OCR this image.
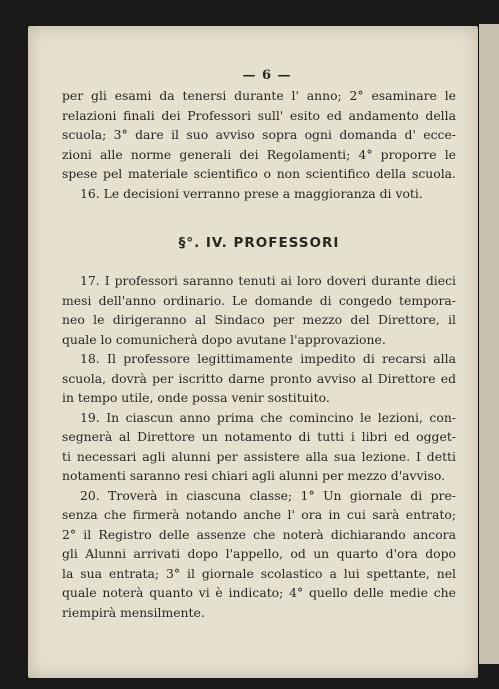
— 6 —
per gli esami da tenersi durante l' anno; 2° esaminare le
relazioni finali dei Professori sull' esito ed andamento della
scuola; 3° dare il suo avviso sopra ogni domanda d' ecce-
zioni alle norme generali dei Regolamenti; 4° proporre le
spese pel materiale scientifico o non scientifico della scuola.
16. Le decisioni verranno prese a maggioranza di voti.
§°. IV. PROFESSORI
17. I professori saranno tenuti ai loro doveri durante dieci
mesi dell'anno ordinario. Le domande di congedo tempora-
neo le dirigeranno al Sindaco per mezzo del Direttore, il
quale lo comunicherà dopo avutane l'approvazione.
18. Il professore legittimamente impedito di recarsi alla
scuola, dovrà per iscritto darne pronto avviso al Direttore ed
in tempo utile, onde possa venir sostituito.
19. In ciascun anno prima che comincino le lezioni, con-
segnerà al Direttore un notamento di tutti i libri ed ogget-
ti necessari agli alunni per assistere alla sua lezione. I detti
notamenti saranno resi chiari agli alunni per mezzo d'avviso.
20. Troverà in ciascuna classe; 1° Un giornale di pre-
senza che firmerà notando anche l' ora in cui sarà entrato;
2° il Registro delle assenze che noterà dichiarando ancora
gli Alunni arrivati dopo l'appello, od un quarto d'ora dopo
la sua entrata; 3° il giornale scolastico a lui spettante, nel
quale noterà quanto vi è indicato; 4° quello delle medie che
riempirà mensilmente.
